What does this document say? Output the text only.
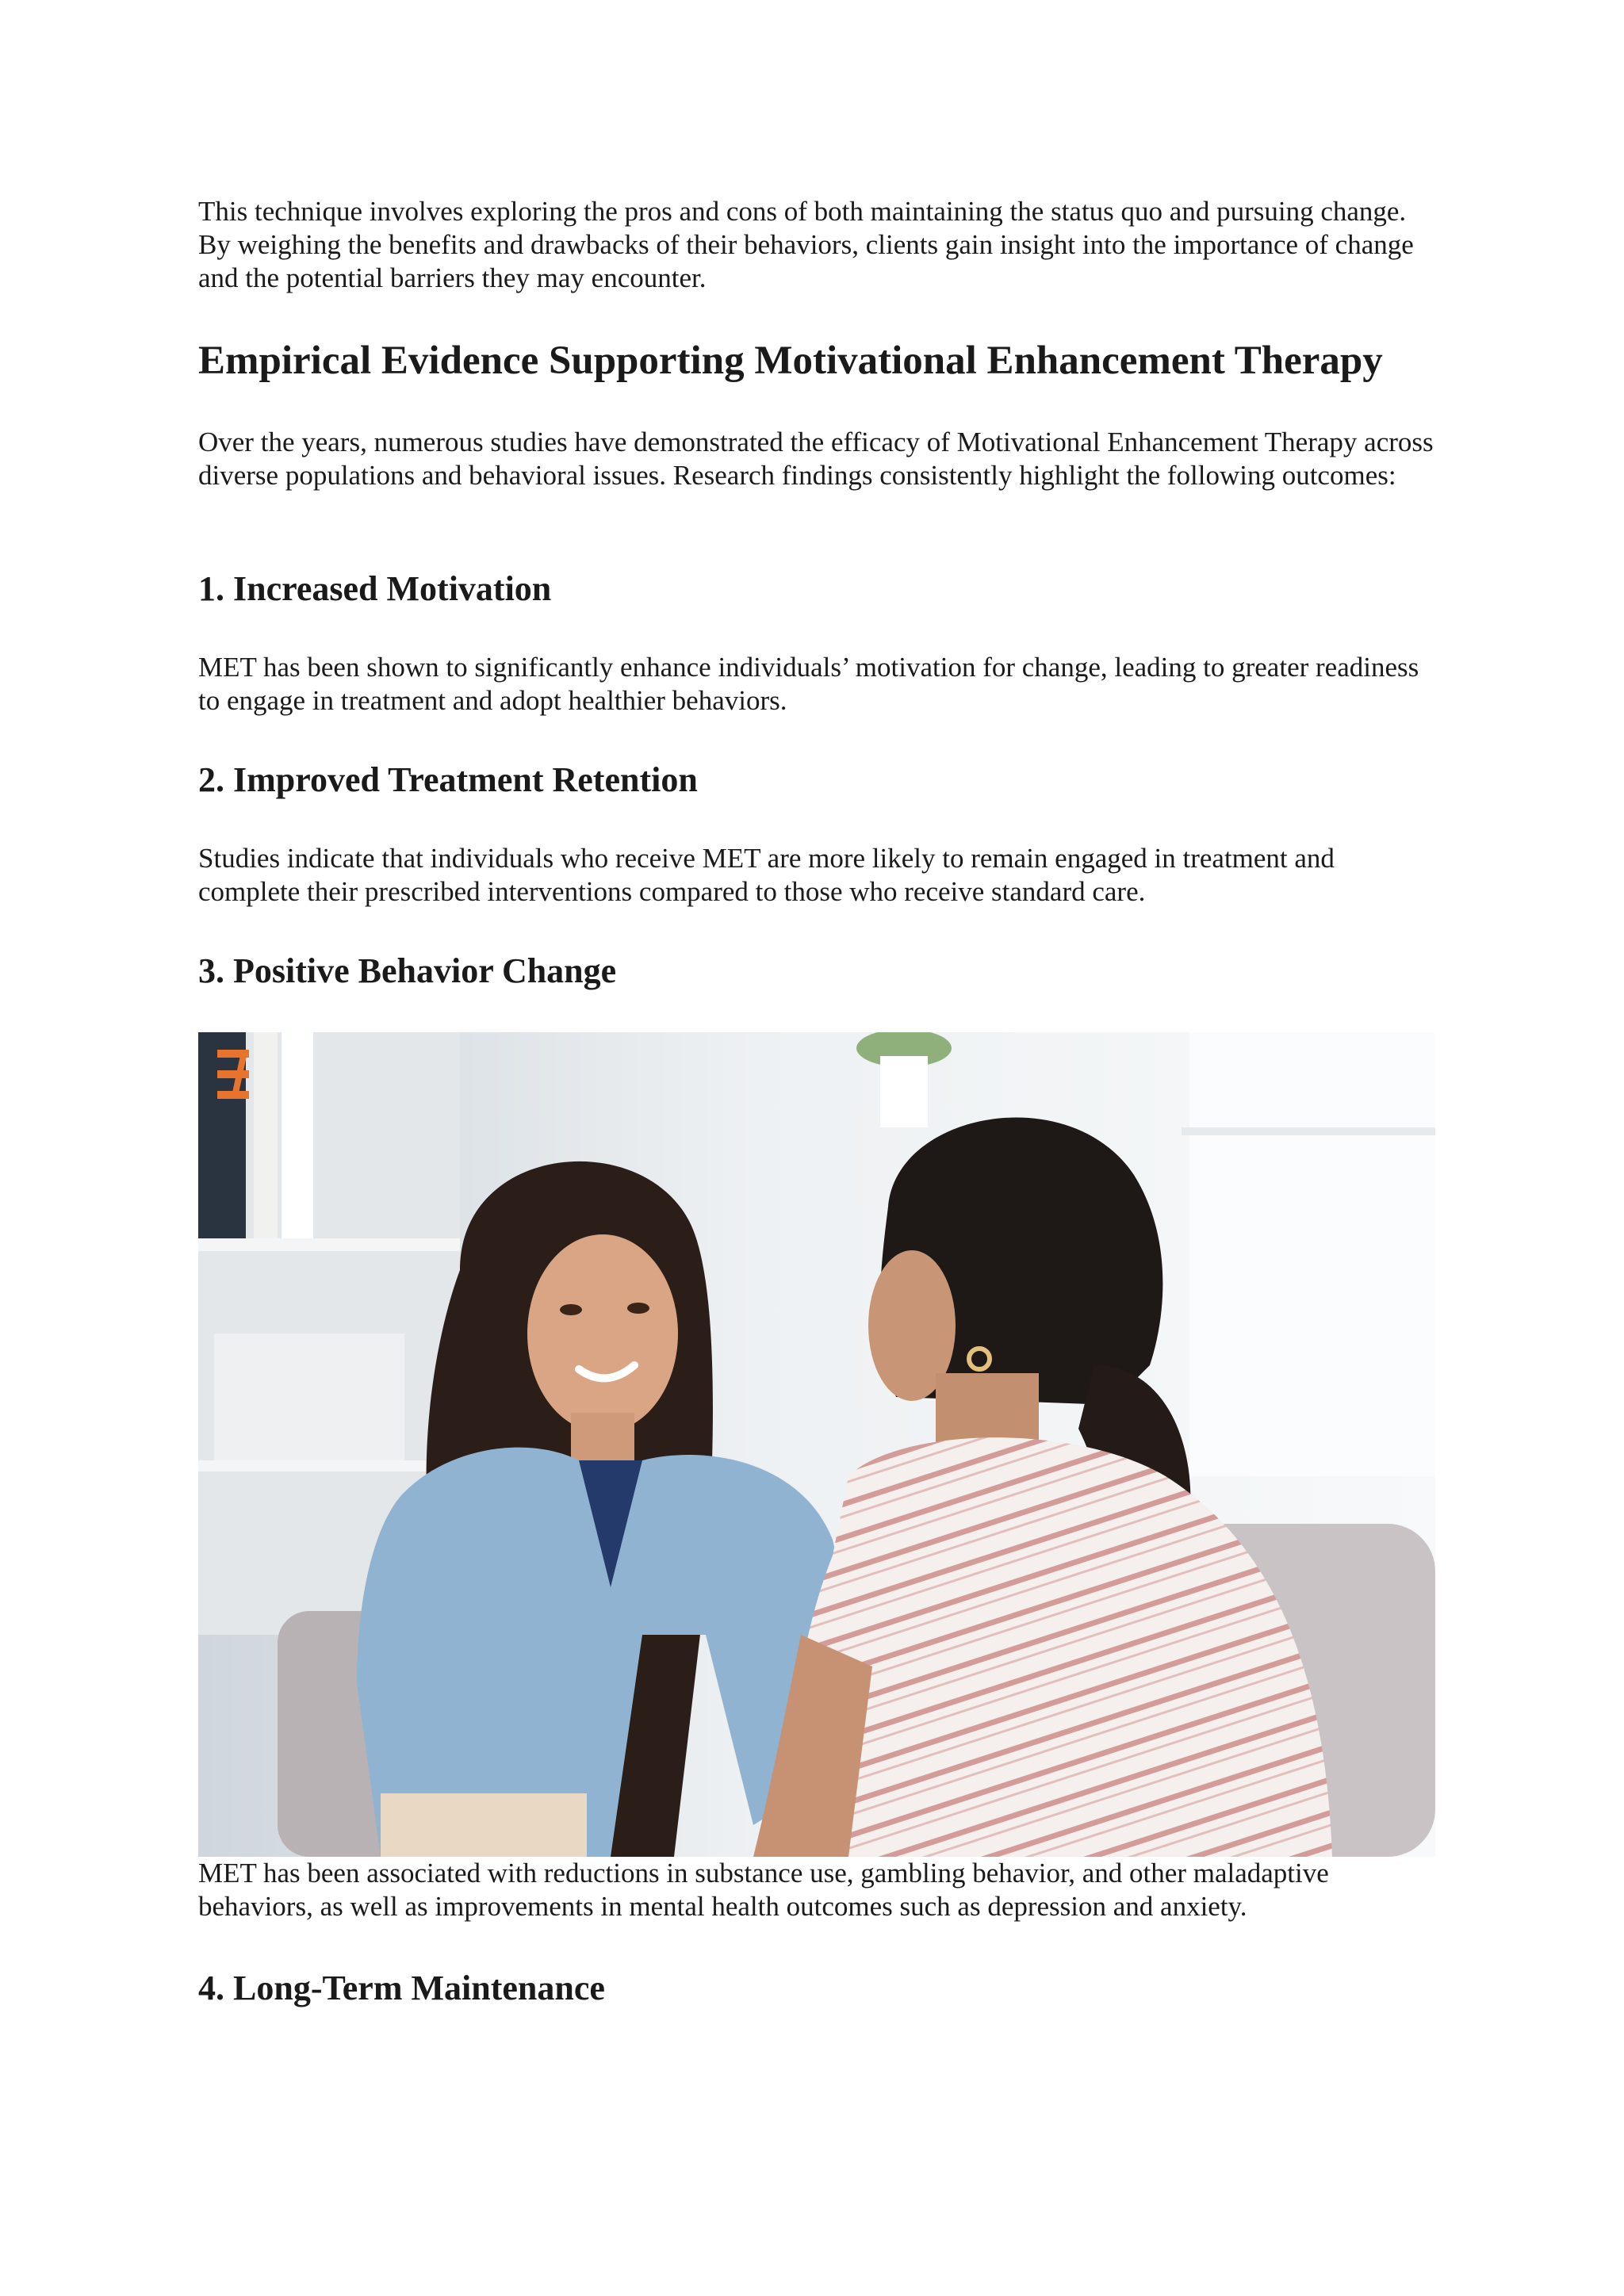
This technique involves exploring the pros and cons of both maintaining the status quo and pursuing change. By weighing the benefits and drawbacks of their behaviors, clients gain insight into the importance of change and the potential barriers they may encounter.

Empirical Evidence Supporting Motivational Enhancement Therapy

Over the years, numerous studies have demonstrated the efficacy of Motivational Enhancement Therapy across diverse populations and behavioral issues. Research findings consistently highlight the following outcomes:

1. Increased Motivation

MET has been shown to significantly enhance individuals’ motivation for change, leading to greater readiness to engage in treatment and adopt healthier behaviors.

2. Improved Treatment Retention

Studies indicate that individuals who receive MET are more likely to remain engaged in treatment and complete their prescribed interventions compared to those who receive standard care.

3. Positive Behavior Change

MET has been associated with reductions in substance use, gambling behavior, and other maladaptive behaviors, as well as improvements in mental health outcomes such as depression and anxiety.

4. Long-Term Maintenance
